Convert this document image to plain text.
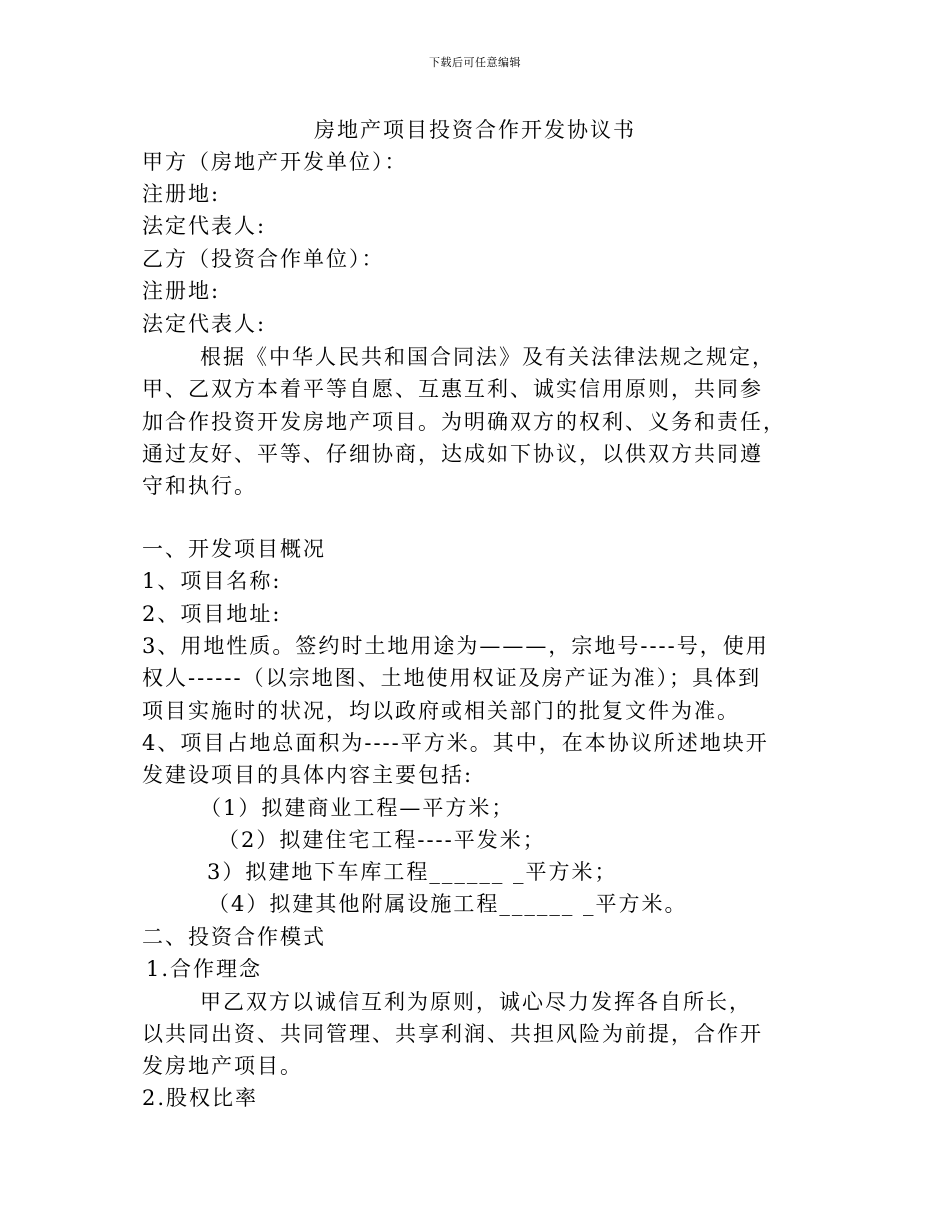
下载后可任意编辑
房地产项目投资合作开发协议书
甲方（房地产开发单位）：
注册地:
法定代表人:
乙方（投资合作单位）：
注册地:
法定代表人:
根据《中华人民共和国合同法》及有关法律法规之规定，
甲、乙双方本着平等自愿、互惠互利、诚实信用原则，共同参
加合作投资开发房地产项目。为明确双方的权利、义务和责任，
通过友好、平等、仔细协商，达成如下协议，以供双方共同遵
守和执行。
一、开发项目概况
1、项目名称:
2、项目地址:
3、用地性质。签约时土地用途为———，宗地号----号，使用
权人------（以宗地图、土地使用权证及房产证为准）；具体到
项目实施时的状况，均以政府或相关部门的批复文件为准。
4、项目占地总面积为----平方米。其中，在本协议所述地块开
发建设项目的具体内容主要包括:
（1）拟建商业工程—平方米；
（2）拟建住宅工程----平发米；
3）拟建地下车库工程______ _平方米；
（4）拟建其他附属设施工程______ _平方米。
二、投资合作模式
1.合作理念
甲乙双方以诚信互利为原则，诚心尽力发挥各自所长，
以共同出资、共同管理、共享利润、共担风险为前提，合作开
发房地产项目。
2.股权比率
